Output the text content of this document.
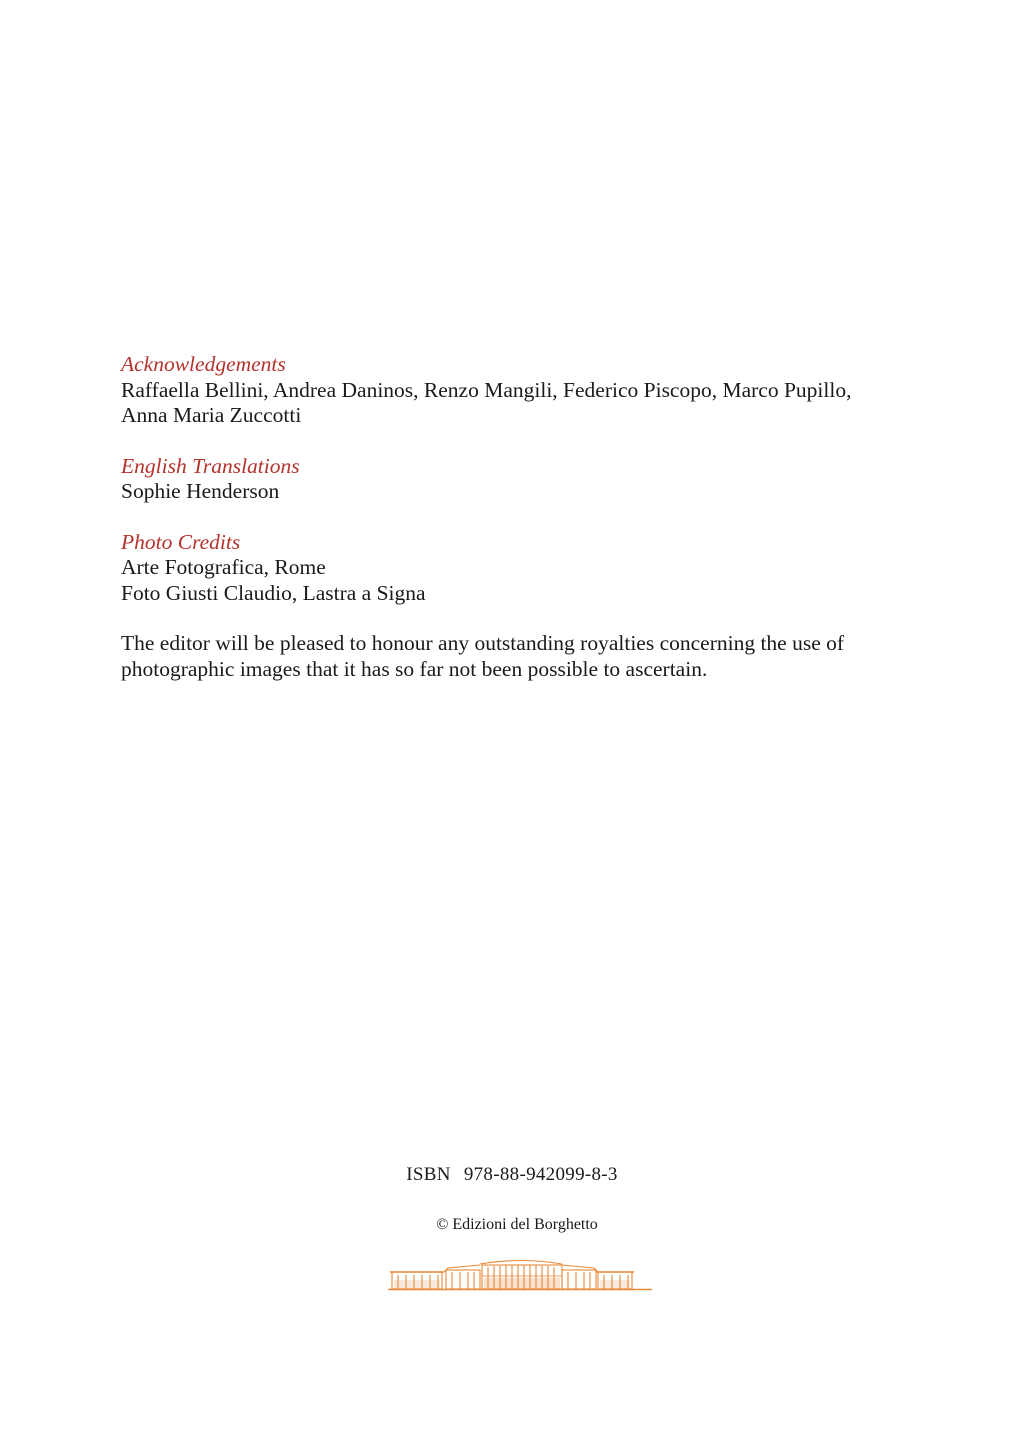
Acknowledgements
Raffaella Bellini, Andrea Daninos, Renzo Mangili, Federico Piscopo, Marco Pupillo,
Anna Maria Zuccotti
English Translations
Sophie Henderson
Photo Credits
Arte Fotografica, Rome
Foto Giusti Claudio, Lastra a Signa
The editor will be pleased to honour any outstanding royalties concerning the use of
photographic images that it has so far not been possible to ascertain.
ISBN 978-88-942099-8-3
© Edizioni del Borghetto
